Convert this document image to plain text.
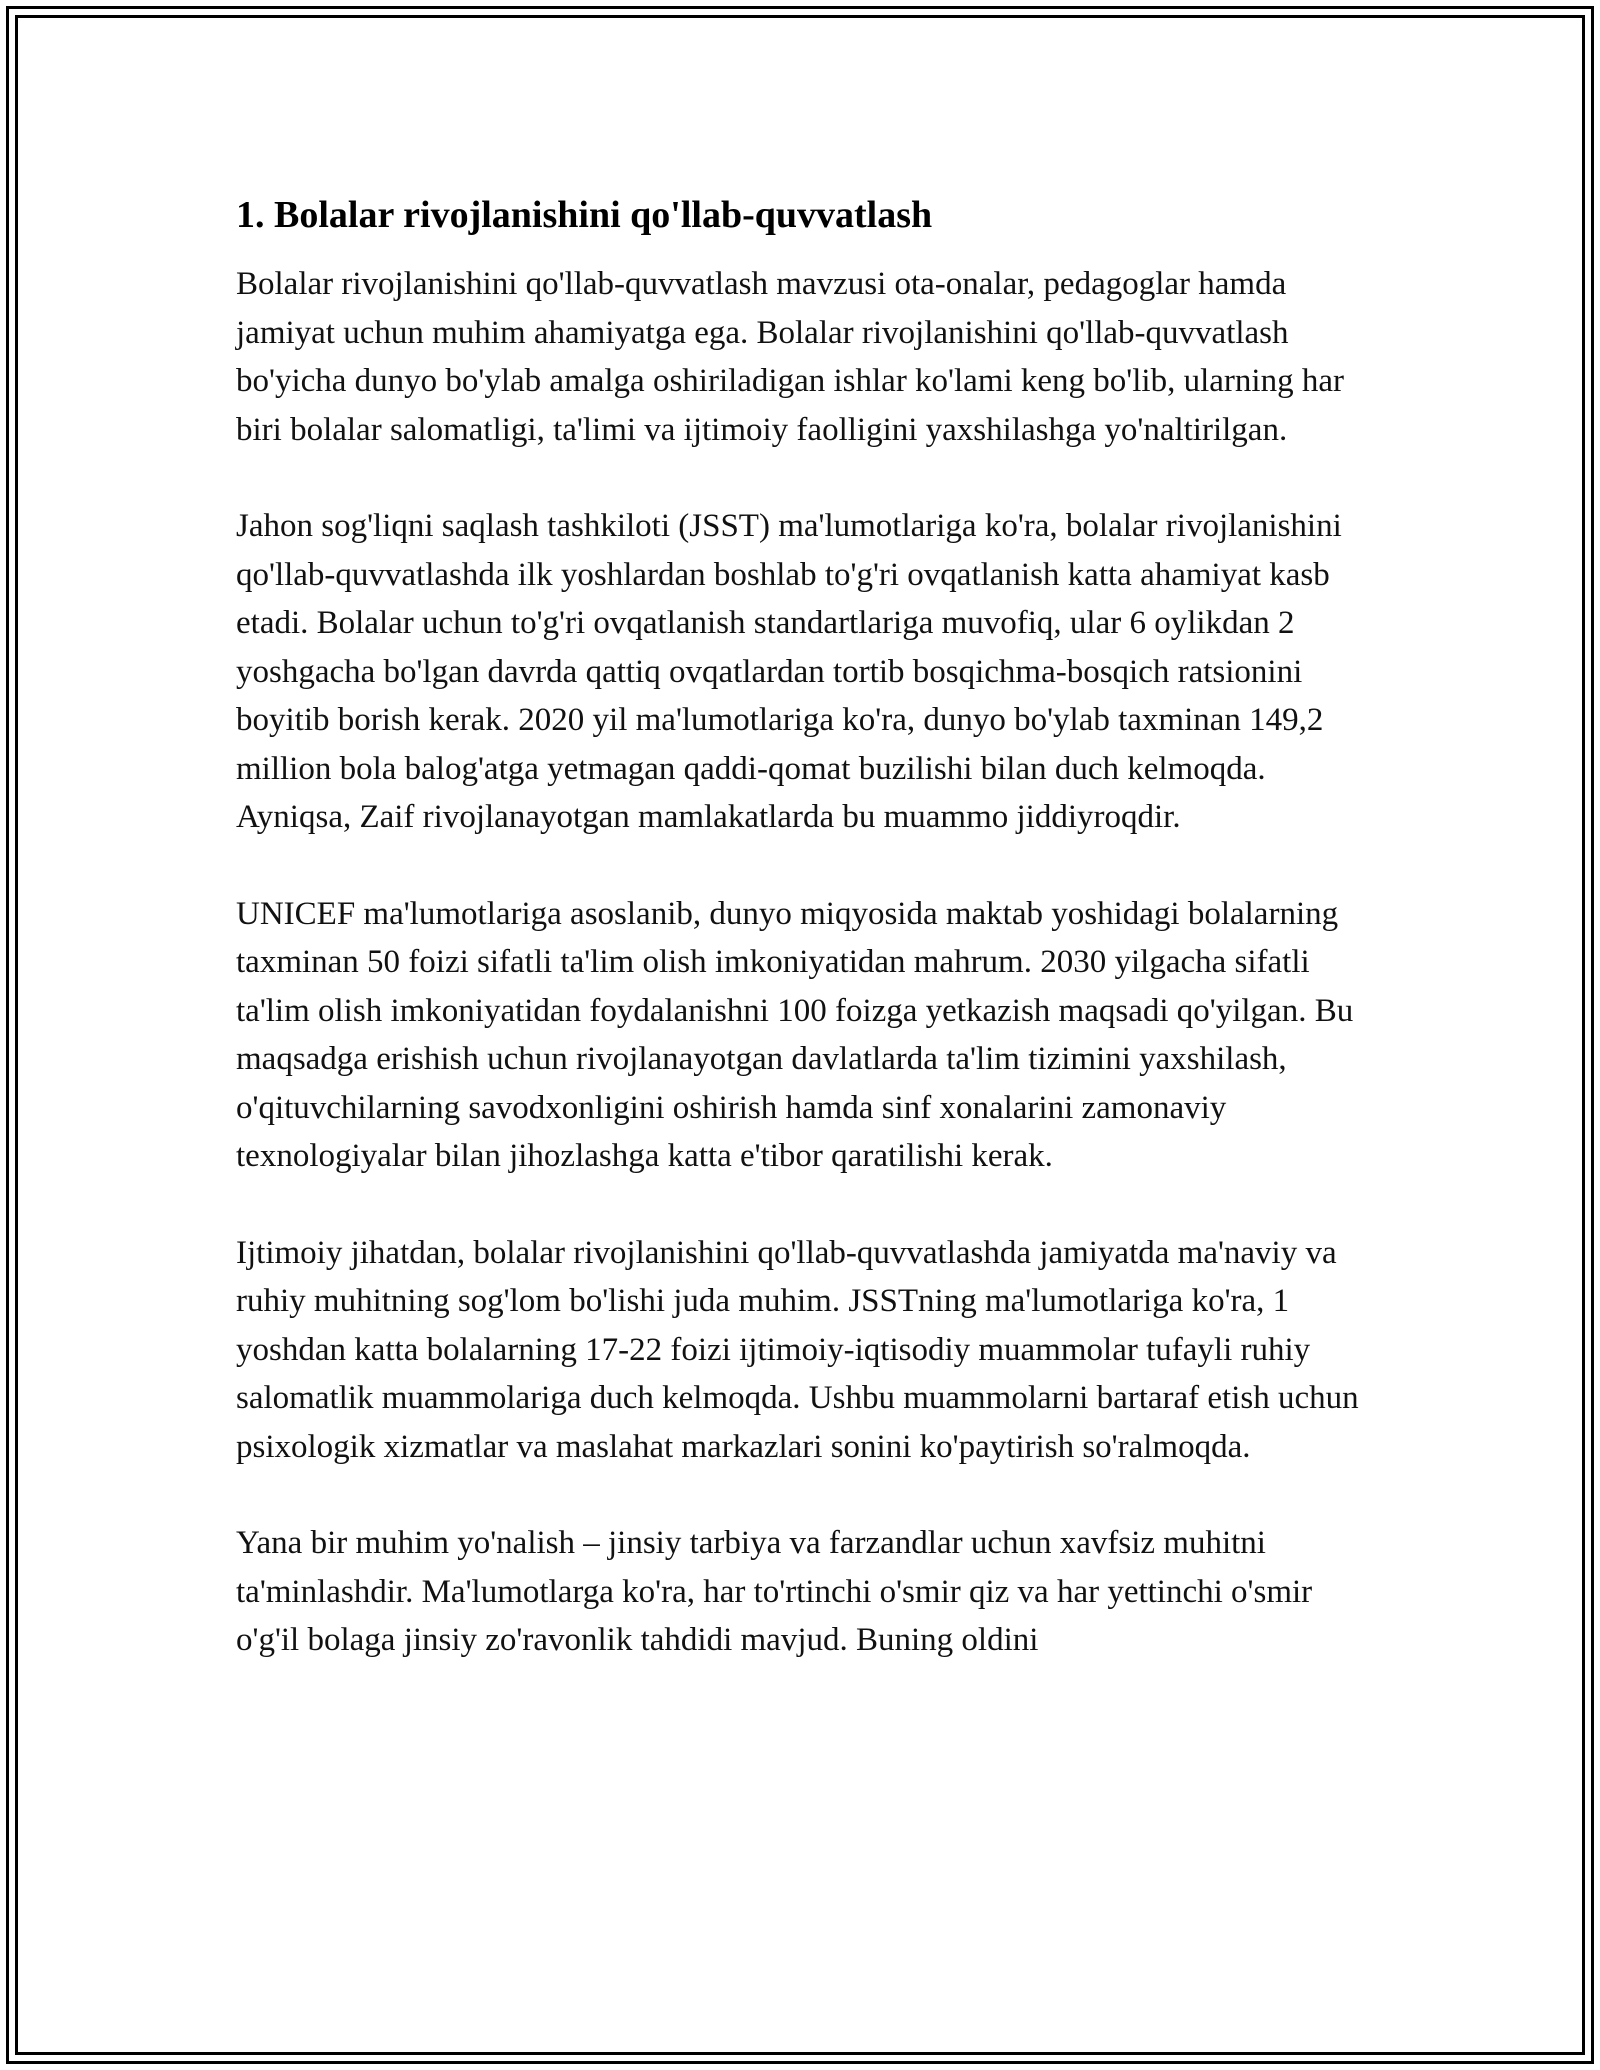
1. Bolalar rivojlanishini qo'llab-quvvatlash

Bolalar rivojlanishini qo'llab-quvvatlash mavzusi ota-onalar, pedagoglar hamda jamiyat uchun muhim ahamiyatga ega. Bolalar rivojlanishini qo'llab-quvvatlash bo'yicha dunyo bo'ylab amalga oshiriladigan ishlar ko'lami keng bo'lib, ularning har biri bolalar salomatligi, ta'limi va ijtimoiy faolligini yaxshilashga yo'naltirilgan.

Jahon sog'liqni saqlash tashkiloti (JSST) ma'lumotlariga ko'ra, bolalar rivojlanishini qo'llab-quvvatlashda ilk yoshlardan boshlab to'g'ri ovqatlanish katta ahamiyat kasb etadi. Bolalar uchun to'g'ri ovqatlanish standartlariga muvofiq, ular 6 oylikdan 2 yoshgacha bo'lgan davrda qattiq ovqatlardan tortib bosqichma-bosqich ratsionini boyitib borish kerak. 2020 yil ma'lumotlariga ko'ra, dunyo bo'ylab taxminan 149,2 million bola balog'atga yetmagan qaddi-qomat buzilishi bilan duch kelmoqda. Ayniqsa, Zaif rivojlanayotgan mamlakatlarda bu muammo jiddiyroqdir.

UNICEF ma'lumotlariga asoslanib, dunyo miqyosida maktab yoshidagi bolalarning taxminan 50 foizi sifatli ta'lim olish imkoniyatidan mahrum. 2030 yilgacha sifatli ta'lim olish imkoniyatidan foydalanishni 100 foizga yetkazish maqsadi qo'yilgan. Bu maqsadga erishish uchun rivojlanayotgan davlatlarda ta'lim tizimini yaxshilash, o'qituvchilarning savodxonligini oshirish hamda sinf xonalarini zamonaviy texnologiyalar bilan jihozlashga katta e'tibor qaratilishi kerak.

Ijtimoiy jihatdan, bolalar rivojlanishini qo'llab-quvvatlashda jamiyatda ma'naviy va ruhiy muhitning sog'lom bo'lishi juda muhim. JSSTning ma'lumotlariga ko'ra, 1 yoshdan katta bolalarning 17-22 foizi ijtimoiy-iqtisodiy muammolar tufayli ruhiy salomatlik muammolariga duch kelmoqda. Ushbu muammolarni bartaraf etish uchun psixologik xizmatlar va maslahat markazlari sonini ko'paytirish so'ralmoqda.

Yana bir muhim yo'nalish – jinsiy tarbiya va farzandlar uchun xavfsiz muhitni ta'minlashdir. Ma'lumotlarga ko'ra, har to'rtinchi o'smir qiz va har yettinchi o'smir o'g'il bolaga jinsiy zo'ravonlik tahdidi mavjud. Buning oldini
